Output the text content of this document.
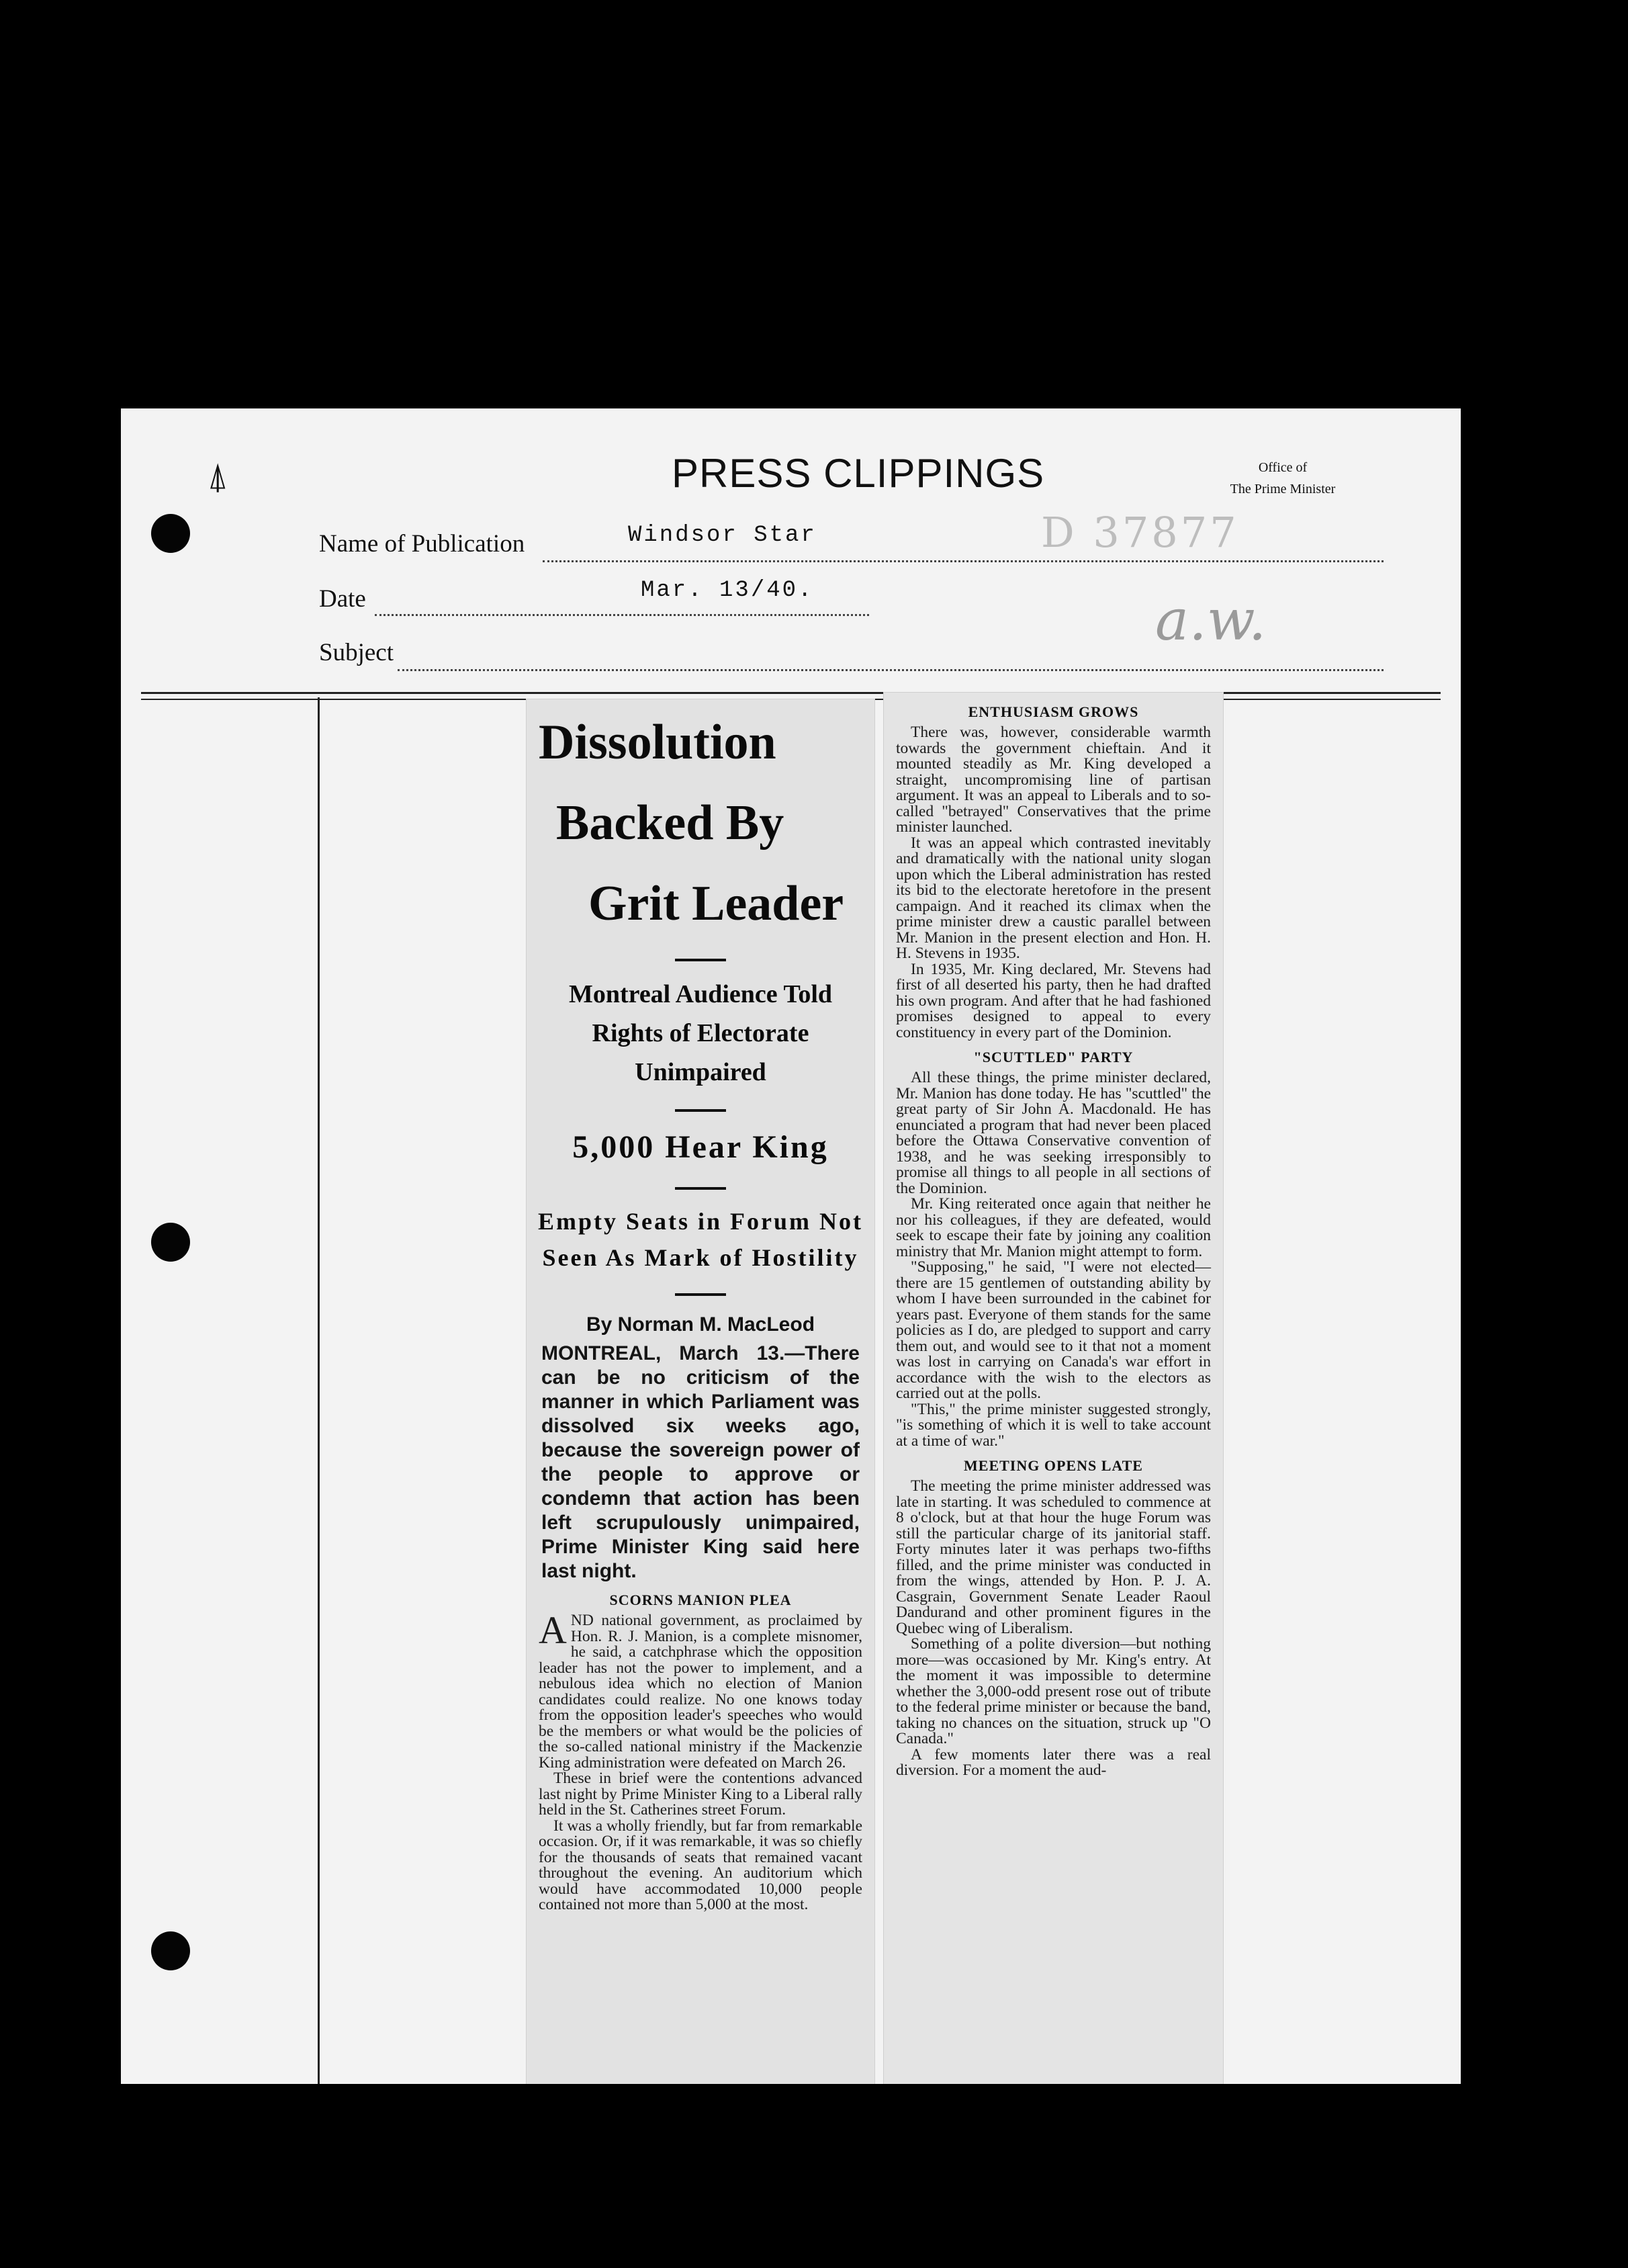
⍋	PRESS CLIPPINGS	Office of
The Prime Minister
Name of Publication	Windsor Star	D 37877
Date	Mar. 13/40.
Subject	a.w.
Dissolution
Backed By
Grit Leader
Montreal Audience Told Rights of Electorate Unimpaired
5,000 Hear King
Empty Seats in Forum Not Seen As Mark of Hostility
By Norman M. MacLeod
MONTREAL, March 13.—There can be no criticism of the manner in which Parliament was dissolved six weeks ago, because the sovereign power of the people to approve or condemn that action has been left scrupulously unimpaired, Prime Minister King said here last night.
SCORNS MANION PLEA

AND national government, as proclaimed by Hon. R. J. Manion, is a complete misnomer, he said, a catchphrase which the opposition leader has not the power to implement, and a nebulous idea which no election of Manion candidates could realize. No one knows today from the opposition leader's speeches who would be the members or what would be the policies of the so-called national ministry if the Mackenzie King administration were defeated on March 26.

These in brief were the contentions advanced last night by Prime Minister King to a Liberal rally held in the St. Catherines street Forum.

It was a wholly friendly, but far from remarkable occasion. Or, if it was remarkable, it was so chiefly for the thousands of seats that remained vacant throughout the evening. An auditorium which would have accommodated 10,000 people contained not more than 5,000 at the most.

ENTHUSIASM GROWS

There was, however, considerable warmth towards the government chieftain. And it mounted steadily as Mr. King developed a straight, uncompromising line of partisan argument. It was an appeal to Liberals and to so-called "betrayed" Conservatives that the prime minister launched.

It was an appeal which contrasted inevitably and dramatically with the national unity slogan upon which the Liberal administration has rested its bid to the electorate heretofore in the present campaign. And it reached its climax when the prime minister drew a caustic parallel between Mr. Manion in the present election and Hon. H. H. Stevens in 1935.

In 1935, Mr. King declared, Mr. Stevens had first of all deserted his party, then he had drafted his own program. And after that he had fashioned promises designed to appeal to every constituency in every part of the Dominion.

"SCUTTLED" PARTY

All these things, the prime minister declared, Mr. Manion has done today. He has "scuttled" the great party of Sir John A. Macdonald. He has enunciated a program that had never been placed before the Ottawa Conservative convention of 1938, and he was seeking irresponsibly to promise all things to all people in all sections of the Dominion.

Mr. King reiterated once again that neither he nor his colleagues, if they are defeated, would seek to escape their fate by joining any coalition ministry that Mr. Manion might attempt to form.

"Supposing," he said, "I were not elected—there are 15 gentlemen of outstanding ability by whom I have been surrounded in the cabinet for years past. Everyone of them stands for the same policies as I do, are pledged to support and carry them out, and would see to it that not a moment was lost in carrying on Canada's war effort in accordance with the wish to the electors as carried out at the polls.

"This," the prime minister suggested strongly, "is something of which it is well to take account at a time of war."

MEETING OPENS LATE

The meeting the prime minister addressed was late in starting. It was scheduled to commence at 8 o'clock, but at that hour the huge Forum was still the particular charge of its janitorial staff. Forty minutes later it was perhaps two-fifths filled, and the prime minister was conducted in from the wings, attended by Hon. P. J. A. Casgrain, Government Senate Leader Raoul Dandurand and other prominent figures in the Quebec wing of Liberalism.

Something of a polite diversion—but nothing more—was occasioned by Mr. King's entry. At the moment it was impossible to determine whether the 3,000-odd present rose out of tribute to the federal prime minister or because the band, taking no chances on the situation, struck up "O Canada."

A few moments later there was a real diversion. For a moment the aud-
